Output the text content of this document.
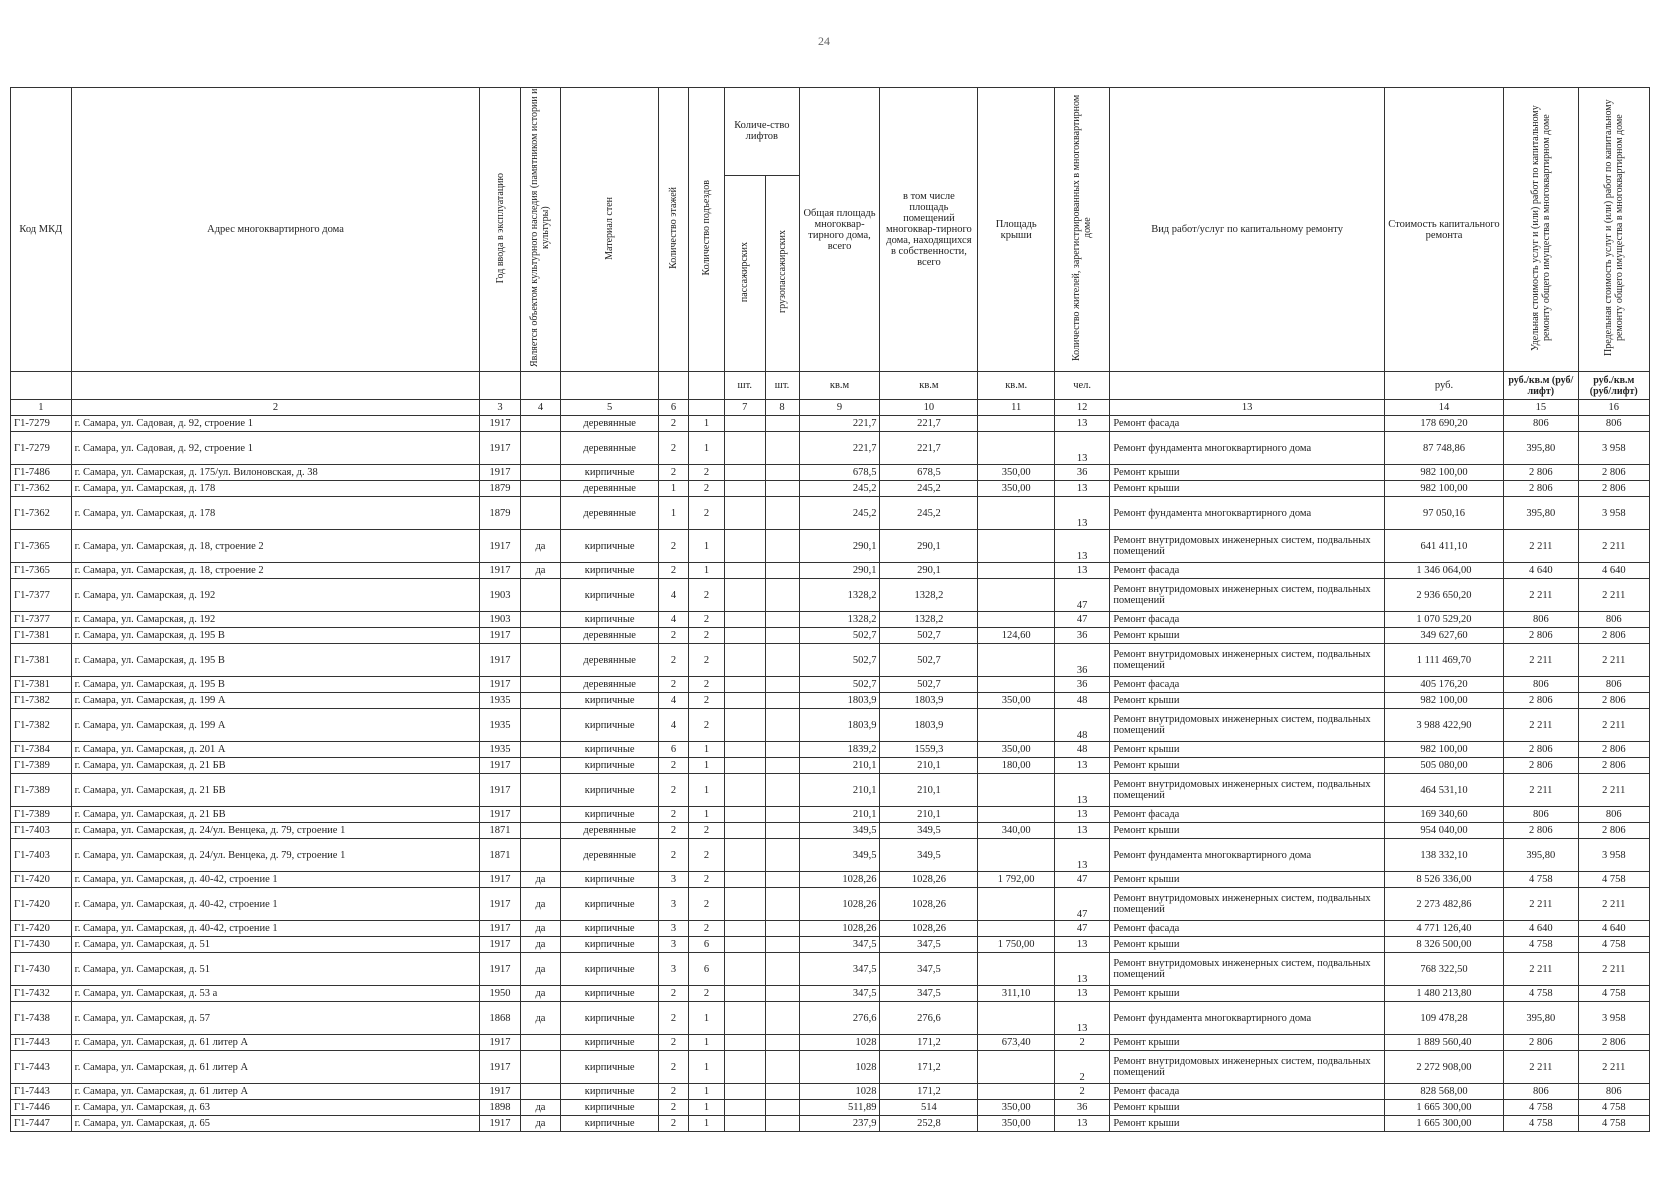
24
Код МКД	Адрес многоквартирного дома	Год ввода в эксплуатацию	Является объектом культурного наследия (памятником истории и культуры)	Материал стен	Количество этажей	Количество подъездов	Количе-ство лифтов		Общая площадь многоквар-тирного дома, всего	в том числе площадь помещений многоквар-тирного дома, находящихся в собственности, всего	Площадь крыши	Количество жителей, зарегистрированных в многоквартирном доме	Вид работ/услуг по капитальному ремонту	Стоимость капитального ремонта	Удельная стоимость услуг и (или) работ по капитальному ремонту общего имущества в многоквартирном доме	Предельная стоимость услуг и (или) работ по капитальному ремонту общего имущества в многоквартирном доме
							пассажирских	грузопассажирских								
							шт.	шт.	кв.м	кв.м	кв.м.	чел.		руб.	руб./кв.м (руб/лифт)	руб./кв.м (руб/лифт)
1	2	3	4	5	6		7	8	9	10	11	12	13	14	15	16
Г1-7279	г. Самара, ул. Садовая, д. 92, строение 1	1917		деревянные	2	1			221,7	221,7		13	Ремонт фасада	178 690,20	806	806
Г1-7279	г. Самара, ул. Садовая, д. 92, строение 1	1917		деревянные	2	1			221,7	221,7		13	Ремонт фундамента многоквартирного дома	87 748,86	395,80	3 958
Г1-7486	г. Самара, ул. Самарская, д. 175/ул. Вилоновская, д. 38	1917		кирпичные	2	2			678,5	678,5	350,00	36	Ремонт крыши	982 100,00	2 806	2 806
Г1-7362	г. Самара, ул. Самарская, д. 178	1879		деревянные	1	2			245,2	245,2	350,00	13	Ремонт крыши	982 100,00	2 806	2 806
Г1-7362	г. Самара, ул. Самарская, д. 178	1879		деревянные	1	2			245,2	245,2		13	Ремонт фундамента многоквартирного дома	97 050,16	395,80	3 958
Г1-7365	г. Самара, ул. Самарская, д. 18, строение 2	1917	да	кирпичные	2	1			290,1	290,1		13	Ремонт внутридомовых инженерных систем, подвальных помещений	641 411,10	2 211	2 211
Г1-7365	г. Самара, ул. Самарская, д. 18, строение 2	1917	да	кирпичные	2	1			290,1	290,1		13	Ремонт фасада	1 346 064,00	4 640	4 640
Г1-7377	г. Самара, ул. Самарская, д. 192	1903		кирпичные	4	2			1328,2	1328,2		47	Ремонт внутридомовых инженерных систем, подвальных помещений	2 936 650,20	2 211	2 211
Г1-7377	г. Самара, ул. Самарская, д. 192	1903		кирпичные	4	2			1328,2	1328,2		47	Ремонт фасада	1 070 529,20	806	806
Г1-7381	г. Самара, ул. Самарская, д. 195 В	1917		деревянные	2	2			502,7	502,7	124,60	36	Ремонт крыши	349 627,60	2 806	2 806
Г1-7381	г. Самара, ул. Самарская, д. 195 В	1917		деревянные	2	2			502,7	502,7		36	Ремонт внутридомовых инженерных систем, подвальных помещений	1 111 469,70	2 211	2 211
Г1-7381	г. Самара, ул. Самарская, д. 195 В	1917		деревянные	2	2			502,7	502,7		36	Ремонт фасада	405 176,20	806	806
Г1-7382	г. Самара, ул. Самарская, д. 199 А	1935		кирпичные	4	2			1803,9	1803,9	350,00	48	Ремонт крыши	982 100,00	2 806	2 806
Г1-7382	г. Самара, ул. Самарская, д. 199 А	1935		кирпичные	4	2			1803,9	1803,9		48	Ремонт внутридомовых инженерных систем, подвальных помещений	3 988 422,90	2 211	2 211
Г1-7384	г. Самара, ул. Самарская, д. 201 А	1935		кирпичные	6	1			1839,2	1559,3	350,00	48	Ремонт крыши	982 100,00	2 806	2 806
Г1-7389	г. Самара, ул. Самарская, д. 21 БВ	1917		кирпичные	2	1			210,1	210,1	180,00	13	Ремонт крыши	505 080,00	2 806	2 806
Г1-7389	г. Самара, ул. Самарская, д. 21 БВ	1917		кирпичные	2	1			210,1	210,1		13	Ремонт внутридомовых инженерных систем, подвальных помещений	464 531,10	2 211	2 211
Г1-7389	г. Самара, ул. Самарская, д. 21 БВ	1917		кирпичные	2	1			210,1	210,1		13	Ремонт фасада	169 340,60	806	806
Г1-7403	г. Самара, ул. Самарская, д. 24/ул. Венцека, д. 79, строение 1	1871		деревянные	2	2			349,5	349,5	340,00	13	Ремонт крыши	954 040,00	2 806	2 806
Г1-7403	г. Самара, ул. Самарская, д. 24/ул. Венцека, д. 79, строение 1	1871		деревянные	2	2			349,5	349,5		13	Ремонт фундамента многоквартирного дома	138 332,10	395,80	3 958
Г1-7420	г. Самара, ул. Самарская, д. 40-42, строение 1	1917	да	кирпичные	3	2			1028,26	1028,26	1 792,00	47	Ремонт крыши	8 526 336,00	4 758	4 758
Г1-7420	г. Самара, ул. Самарская, д. 40-42, строение 1	1917	да	кирпичные	3	2			1028,26	1028,26		47	Ремонт внутридомовых инженерных систем, подвальных помещений	2 273 482,86	2 211	2 211
Г1-7420	г. Самара, ул. Самарская, д. 40-42, строение 1	1917	да	кирпичные	3	2			1028,26	1028,26		47	Ремонт фасада	4 771 126,40	4 640	4 640
Г1-7430	г. Самара, ул. Самарская, д. 51	1917	да	кирпичные	3	6			347,5	347,5	1 750,00	13	Ремонт крыши	8 326 500,00	4 758	4 758
Г1-7430	г. Самара, ул. Самарская, д. 51	1917	да	кирпичные	3	6			347,5	347,5		13	Ремонт внутридомовых инженерных систем, подвальных помещений	768 322,50	2 211	2 211
Г1-7432	г. Самара, ул. Самарская, д. 53 а	1950	да	кирпичные	2	2			347,5	347,5	311,10	13	Ремонт крыши	1 480 213,80	4 758	4 758
Г1-7438	г. Самара, ул. Самарская, д. 57	1868	да	кирпичные	2	1			276,6	276,6		13	Ремонт фундамента многоквартирного дома	109 478,28	395,80	3 958
Г1-7443	г. Самара, ул. Самарская, д. 61 литер А	1917		кирпичные	2	1			1028	171,2	673,40	2	Ремонт крыши	1 889 560,40	2 806	2 806
Г1-7443	г. Самара, ул. Самарская, д. 61 литер А	1917		кирпичные	2	1			1028	171,2		2	Ремонт внутридомовых инженерных систем, подвальных помещений	2 272 908,00	2 211	2 211
Г1-7443	г. Самара, ул. Самарская, д. 61 литер А	1917		кирпичные	2	1			1028	171,2		2	Ремонт фасада	828 568,00	806	806
Г1-7446	г. Самара, ул. Самарская, д. 63	1898	да	кирпичные	2	1			511,89	514	350,00	36	Ремонт крыши	1 665 300,00	4 758	4 758
Г1-7447	г. Самара, ул. Самарская, д. 65	1917	да	кирпичные	2	1			237,9	252,8	350,00	13	Ремонт крыши	1 665 300,00	4 758	4 758
